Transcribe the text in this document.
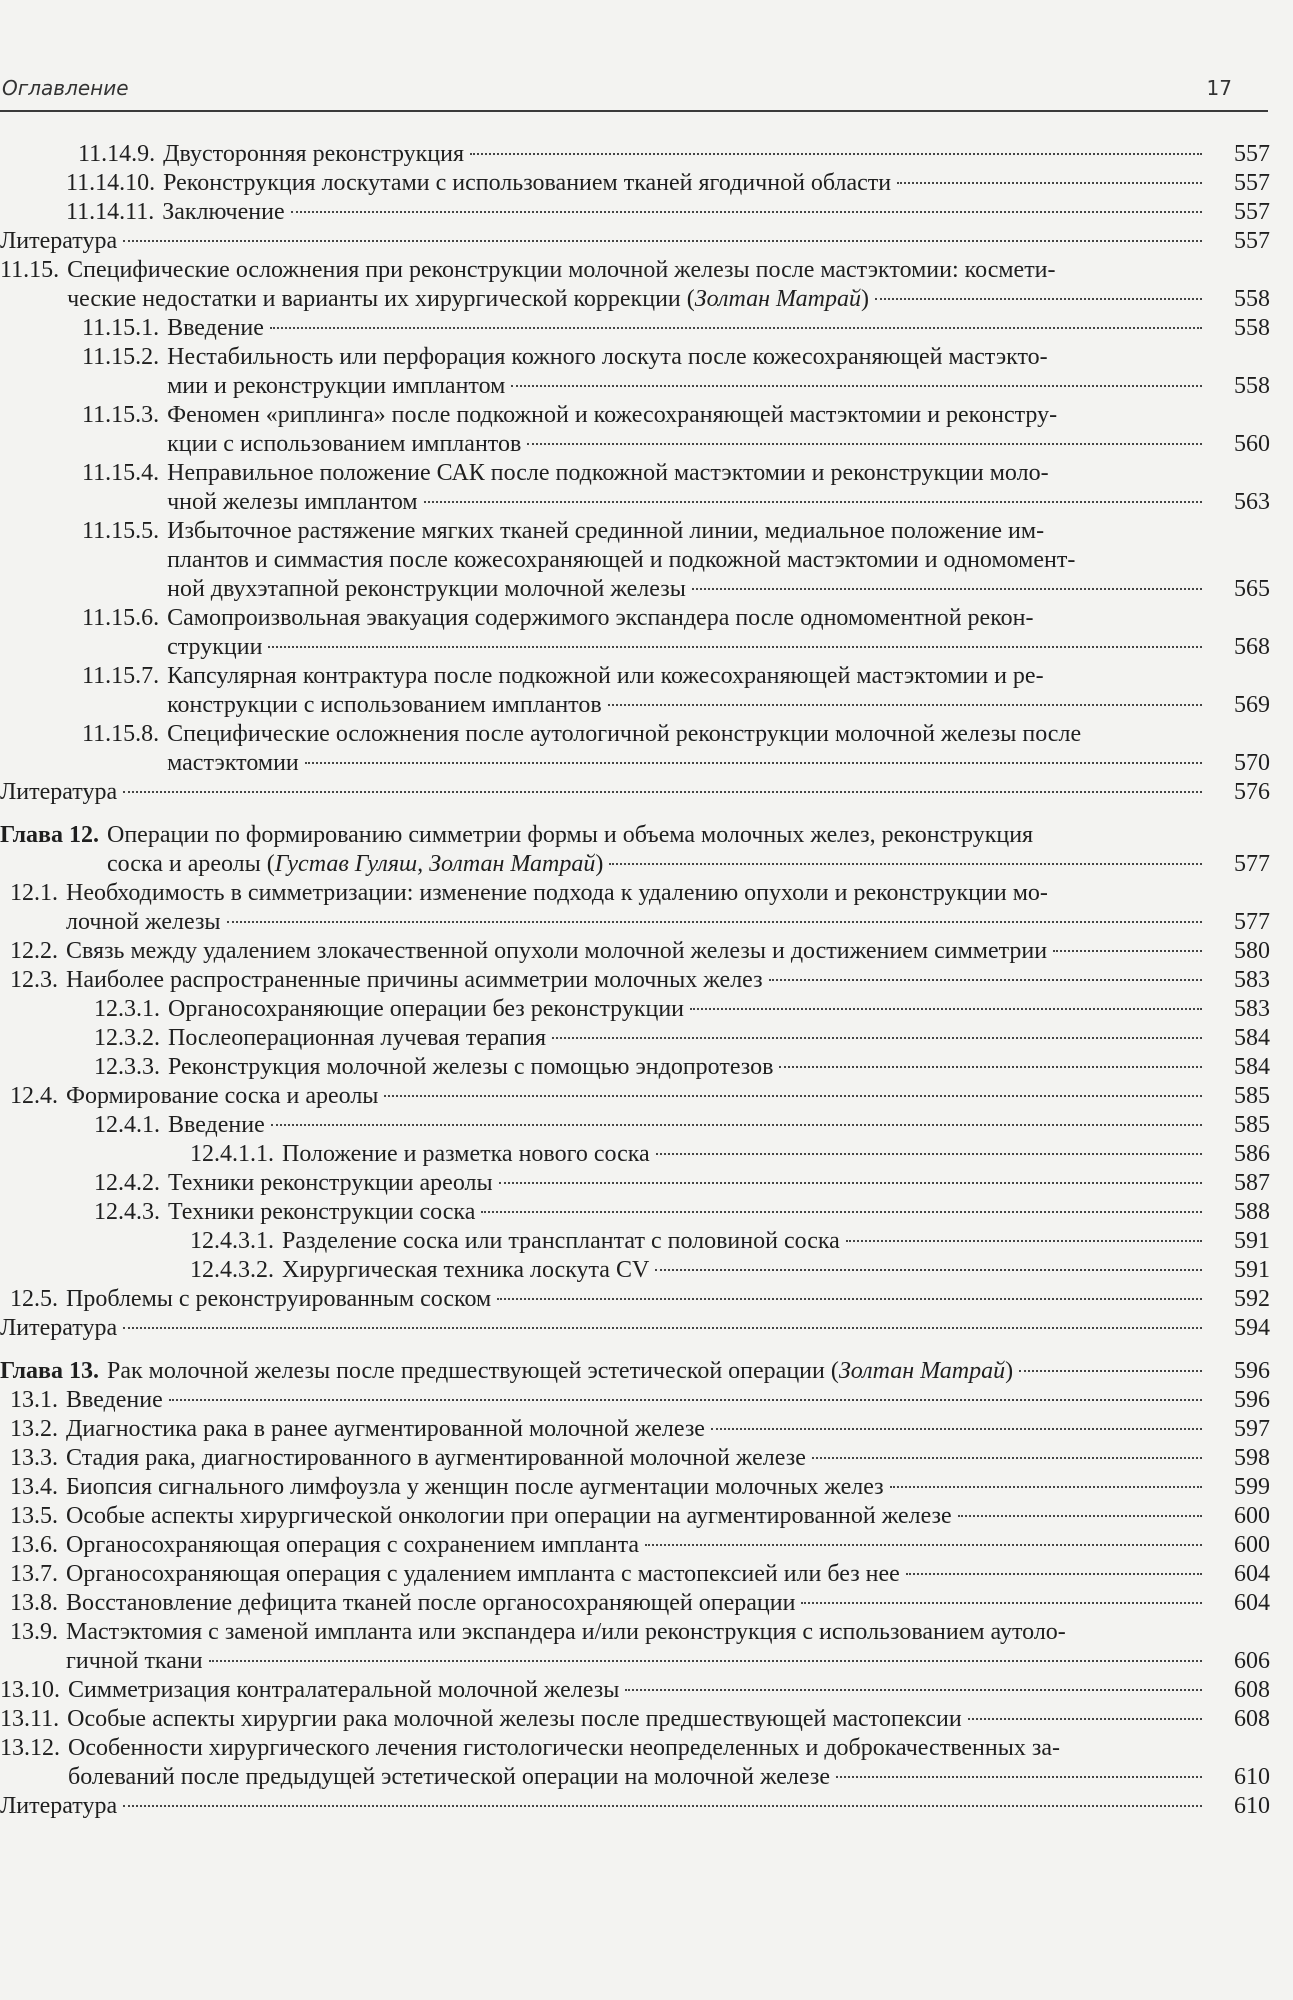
Оглавление	17
11.14.9. Двусторонняя реконструкция	557
11.14.10. Реконструкция лоскутами с использованием тканей ягодичной области	557
11.14.11. Заключение	557
Литература	557
11.15. Специфические осложнения при реконструкции молочной железы после мастэктомии: космети-
ческие недостатки и варианты их хирургической коррекции (Золтан Матрай)	558
11.15.1. Введение	558
11.15.2. Нестабильность или перфорация кожного лоскута после кожесохраняющей мастэкто-
мии и реконструкции имплантом	558
11.15.3. Феномен «риплинга» после подкожной и кожесохраняющей мастэктомии и реконстру-
кции с использованием имплантов	560
11.15.4. Неправильное положение САК после подкожной мастэктомии и реконструкции моло-
чной железы имплантом	563
11.15.5. Избыточное растяжение мягких тканей срединной линии, медиальное положение им-
плантов и симмастия после кожесохраняющей и подкожной мастэктомии и одномомент-
ной двухэтапной реконструкции молочной железы	565
11.15.6. Самопроизвольная эвакуация содержимого экспандера после одномоментной рекон-
струкции	568
11.15.7. Капсулярная контрактура после подкожной или кожесохраняющей мастэктомии и ре-
конструкции с использованием имплантов	569
11.15.8. Специфические осложнения после аутологичной реконструкции молочной железы после
мастэктомии	570
Литература	576
Глава 12. Операции по формированию симметрии формы и объема молочных желез, реконструкция
соска и ареолы (Густав Гуляш, Золтан Матрай)	577
12.1. Необходимость в симметризации: изменение подхода к удалению опухоли и реконструкции мо-
лочной железы	577
12.2. Связь между удалением злокачественной опухоли молочной железы и достижением симметрии	580
12.3. Наиболее распространенные причины асимметрии молочных желез	583
12.3.1. Органосохраняющие операции без реконструкции	583
12.3.2. Послеоперационная лучевая терапия	584
12.3.3. Реконструкция молочной железы с помощью эндопротезов	584
12.4. Формирование соска и ареолы	585
12.4.1. Введение	585
12.4.1.1. Положение и разметка нового соска	586
12.4.2. Техники реконструкции ареолы	587
12.4.3. Техники реконструкции соска	588
12.4.3.1. Разделение соска или трансплантат с половиной соска	591
12.4.3.2. Хирургическая техника лоскута CV	591
12.5. Проблемы с реконструированным соском	592
Литература	594
Глава 13. Рак молочной железы после предшествующей эстетической операции (Золтан Матрай)	596
13.1. Введение	596
13.2. Диагностика рака в ранее аугментированной молочной железе	597
13.3. Стадия рака, диагностированного в аугментированной молочной железе	598
13.4. Биопсия сигнального лимфоузла у женщин после аугментации молочных желез	599
13.5. Особые аспекты хирургической онкологии при операции на аугментированной железе	600
13.6. Органосохраняющая операция с сохранением импланта	600
13.7. Органосохраняющая операция с удалением импланта с мастопексией или без нее	604
13.8. Восстановление дефицита тканей после органосохраняющей операции	604
13.9. Мастэктомия с заменой импланта или экспандера и/или реконструкция с использованием аутоло-
гичной ткани	606
13.10. Симметризация контралатеральной молочной железы	608
13.11. Особые аспекты хирургии рака молочной железы после предшествующей мастопексии	608
13.12. Особенности хирургического лечения гистологически неопределенных и доброкачественных за-
болеваний после предыдущей эстетической операции на молочной железе	610
Литература	610
